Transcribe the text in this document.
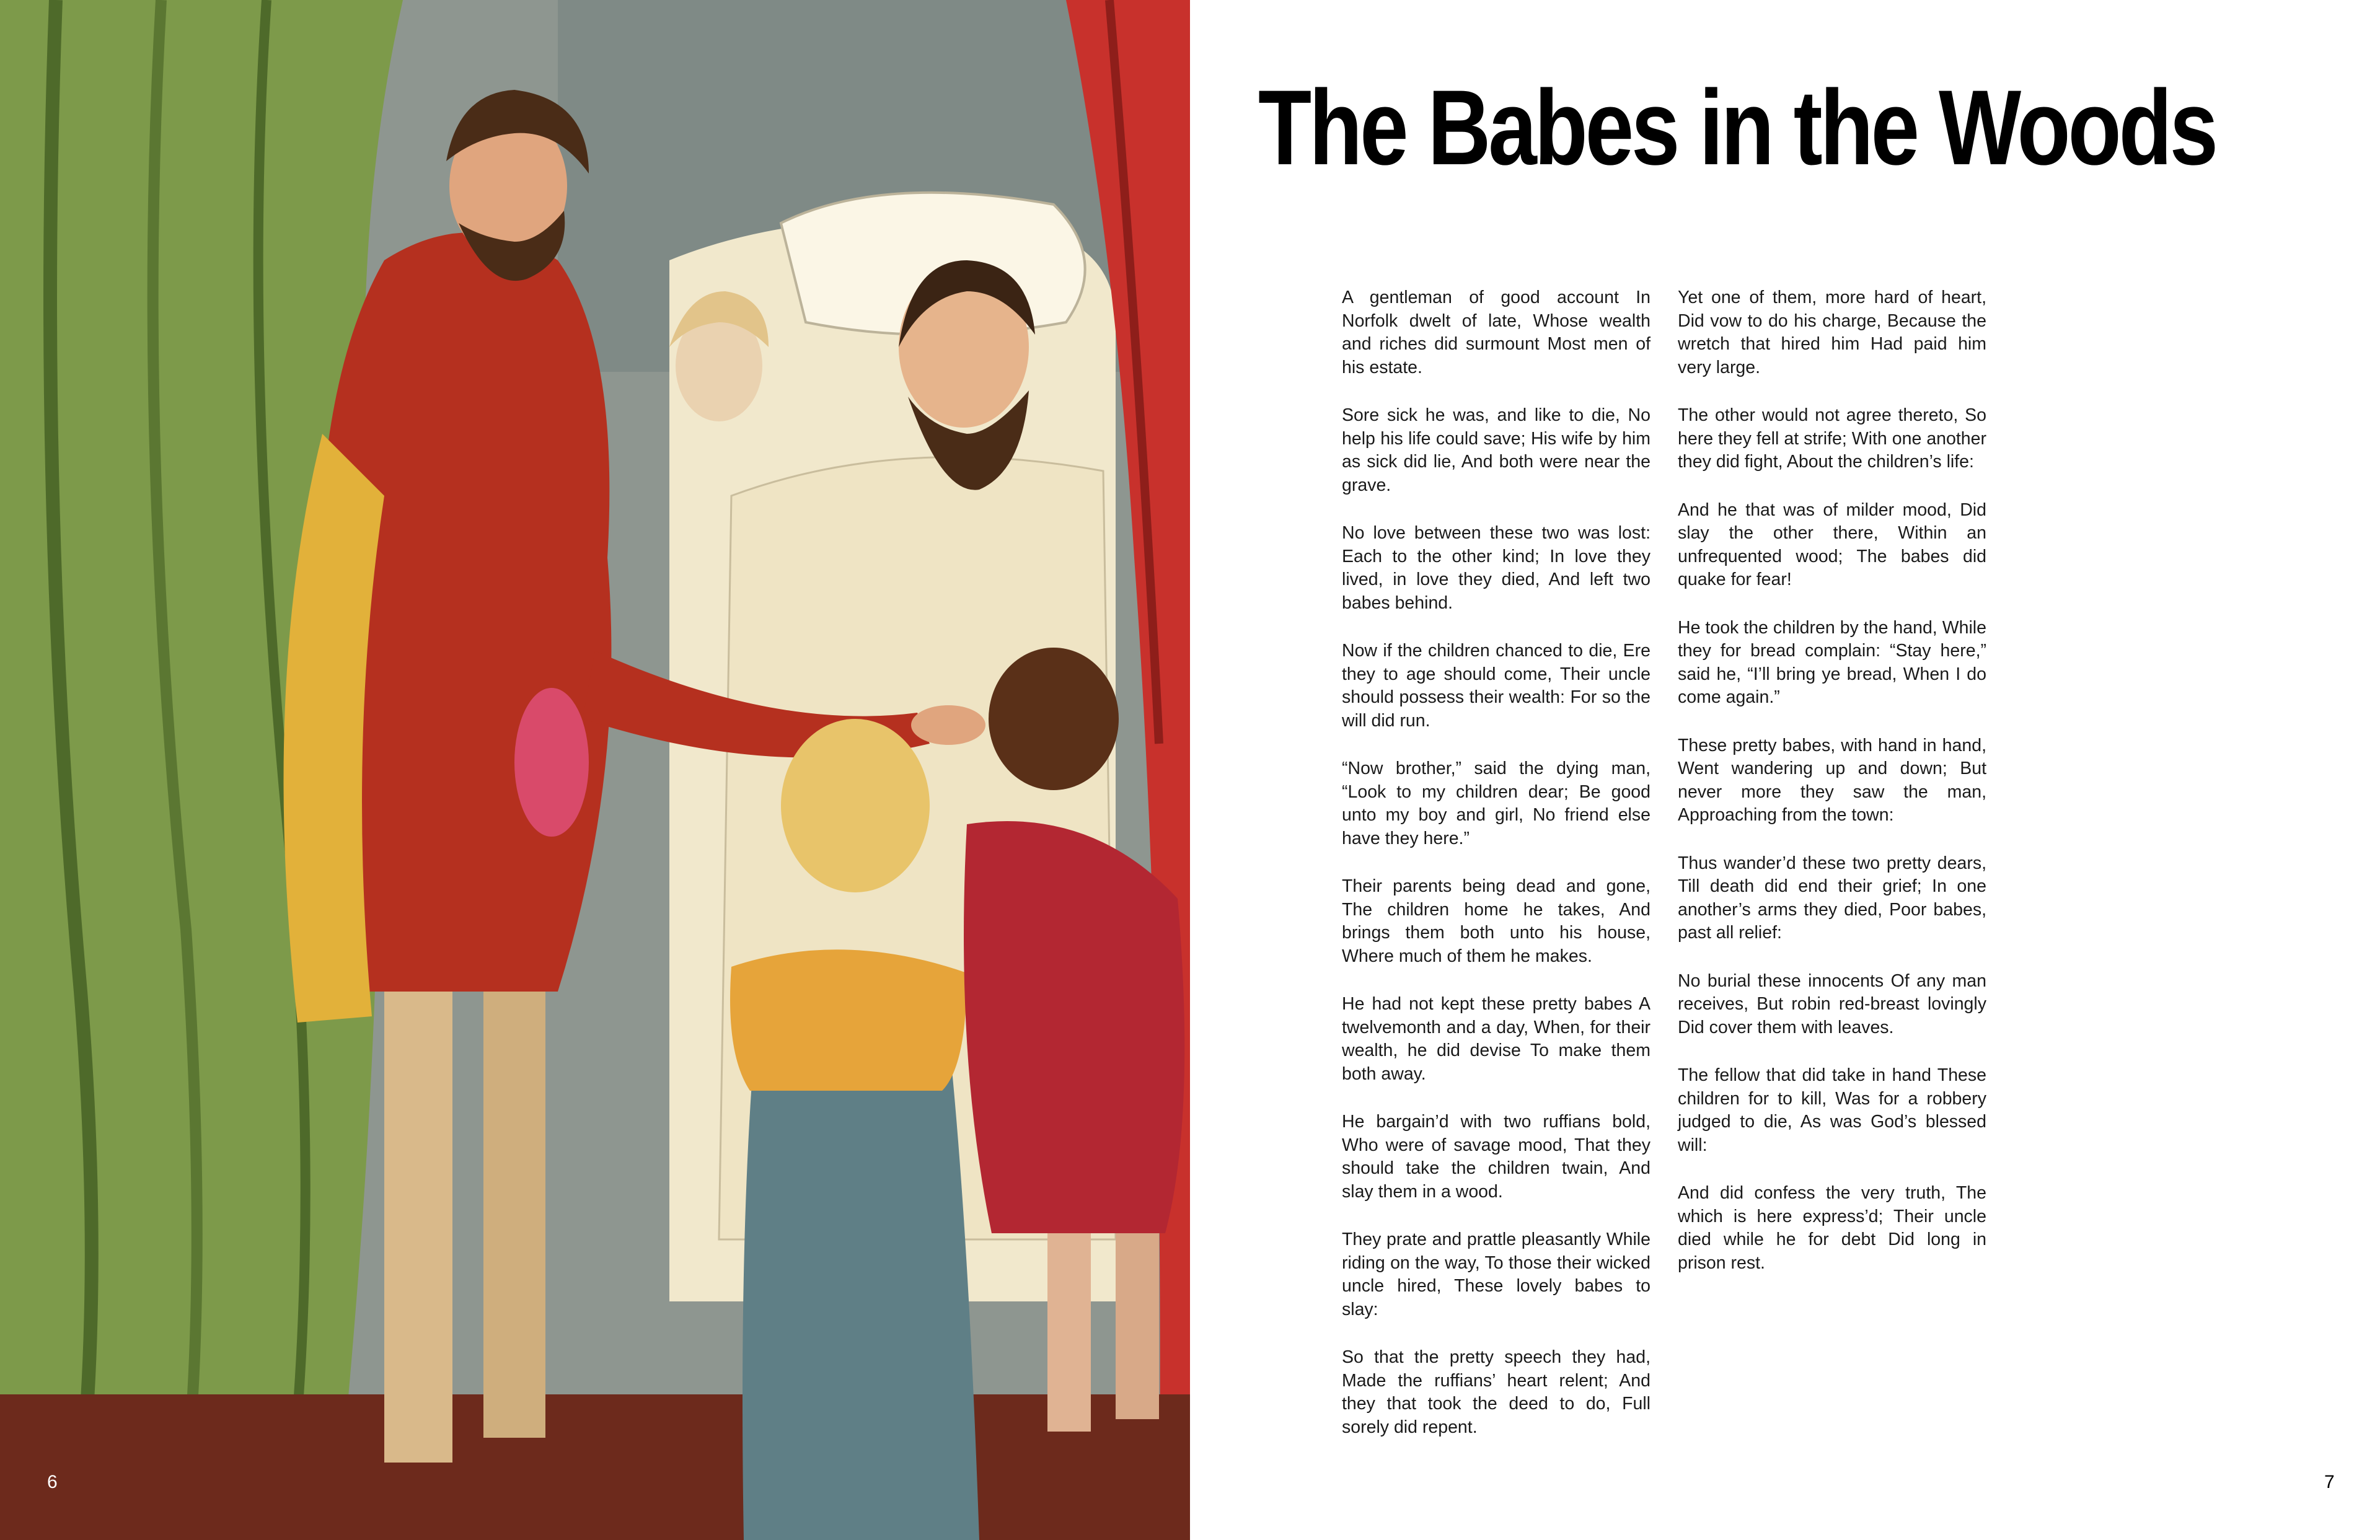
6
The Babes in the Woods

A gentleman of good account In Norfolk dwelt of late, Whose wealth and riches did surmount Most men of his estate.

Sore sick he was, and like to die, No help his life could save; His wife by him as sick did lie, And both were near the grave.

No love between these two was lost: Each to the other kind; In love they lived, in love they died, And left two babes behind.

Now if the children chanced to die, Ere they to age should come, Their uncle should possess their wealth: For so the will did run.

“Now brother,” said the dying man, “Look to my children dear; Be good unto my boy and girl, No friend else have they here.”

Their parents being dead and gone, The children home he takes, And brings them both unto his house, Where much of them he makes.

He had not kept these pretty babes A twelvemonth and a day, When, for their wealth, he did devise To make them both away.

He bargain’d with two ruffians bold, Who were of savage mood, That they should take the children twain, And slay them in a wood.

They prate and prattle pleasantly While riding on the way, To those their wicked uncle hired, These lovely babes to slay:

So that the pretty speech they had, Made the ruffians’ heart relent; And they that took the deed to do, Full sorely did repent.

Yet one of them, more hard of heart, Did vow to do his charge, Because the wretch that hired him Had paid him very large.

The other would not agree thereto, So here they fell at strife; With one another they did fight, About the children’s life:

And he that was of milder mood, Did slay the other there, Within an unfrequented wood; The babes did quake for fear!

He took the children by the hand, While they for bread complain: “Stay here,” said he, “I’ll bring ye bread, When I do come again.”

These pretty babes, with hand in hand, Went wandering up and down; But never more they saw the man, Approaching from the town:

Thus wander’d these two pretty dears, Till death did end their grief; In one another’s arms they died, Poor babes, past all relief:

No burial these innocents Of any man receives, But robin red-breast lovingly Did cover them with leaves.

The fellow that did take in hand These children for to kill, Was for a robbery judged to die, As was God’s blessed will:

And did confess the very truth, The which is here express’d; Their uncle died while he for debt Did long in prison rest.

7
